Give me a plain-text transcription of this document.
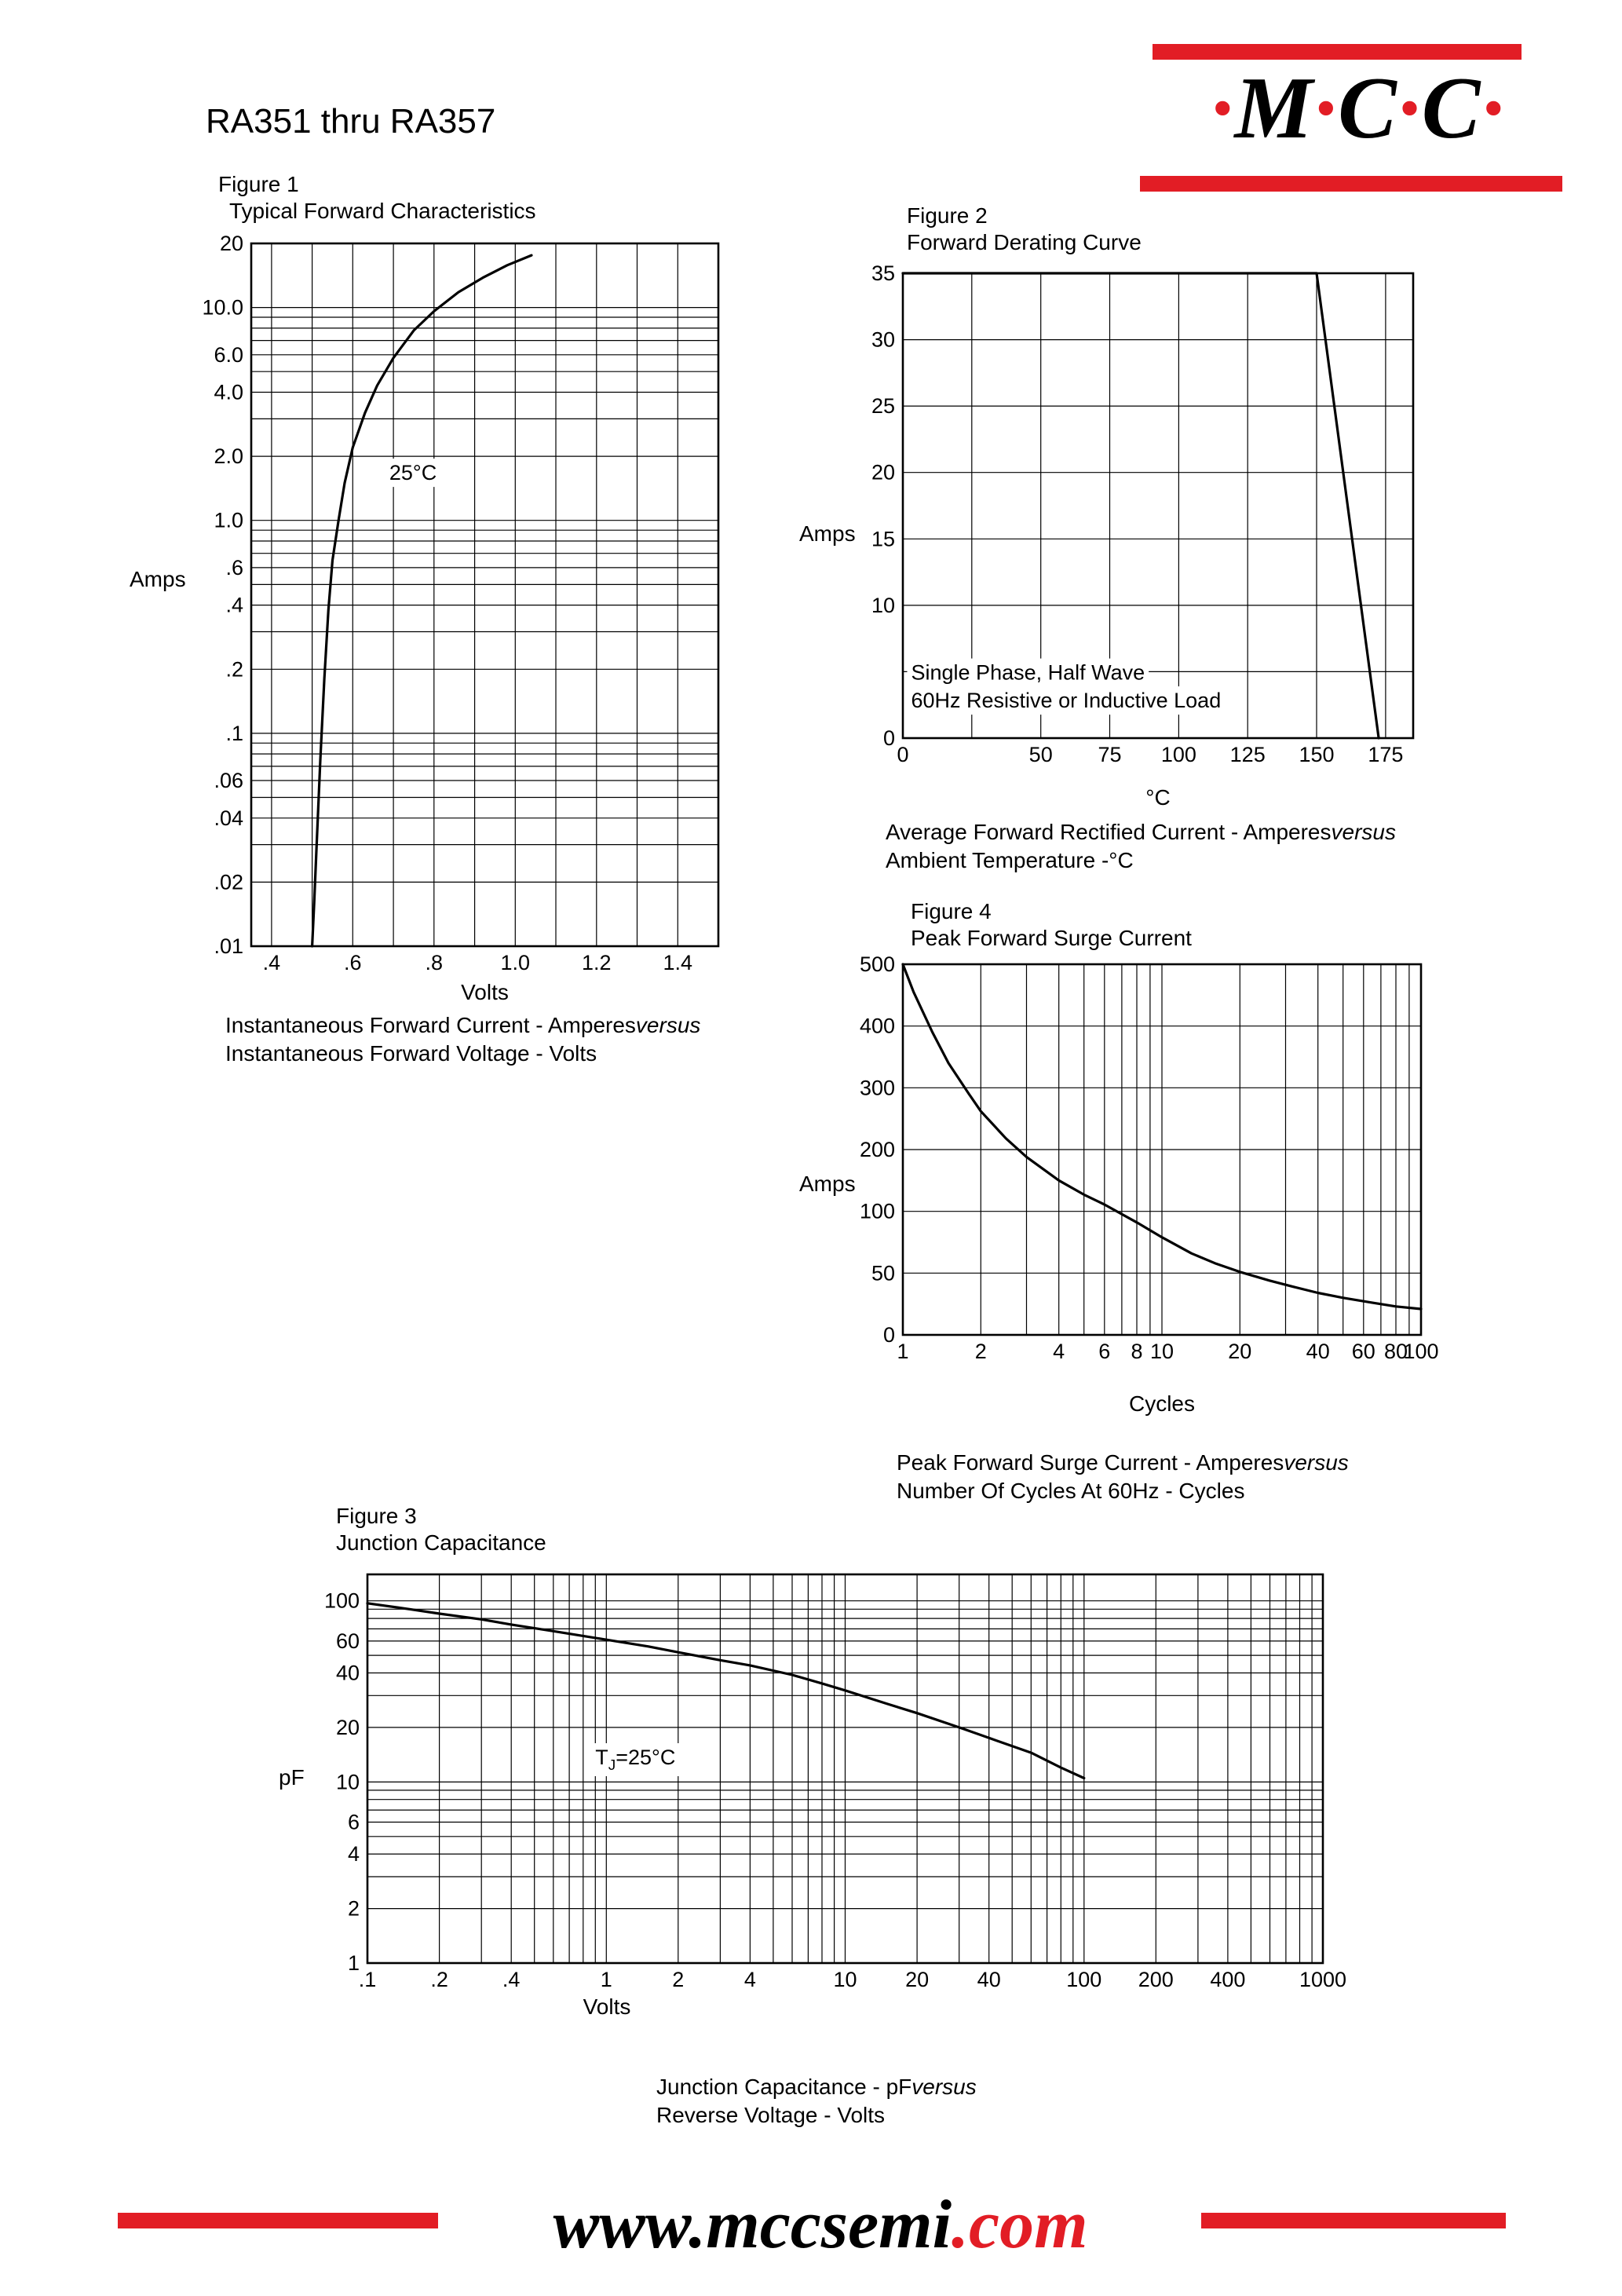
RA351 thru RA357	·M·C·C·
Figure 1
Typical Forward Characteristics
Amps
.4	.6	.8	1.0 1.2 1.4
20
10.0
6.0
4.0
2.0
1.0
.6
.4
.2
.1
.06
.04
.02
.01
25°C
Volts
Instantaneous Forward Current - Amperesversus
Instantaneous Forward Voltage - Volts
Figure 2
Forward Derating Curve
Amps
0	50 75 100 125 150 175
35
30
25
20
15
10
0
Single Phase, Half Wave
60Hz Resistive or Inductive Load
°C
Average Forward Rectified Current - Amperesversus
Ambient Temperature -°C
Figure 4
Peak Forward Surge Current
Amps
1	2	4 6 8 10	20	40 60 80
100
500
400
300
200
100
50
0
Cycles
Peak Forward Surge Current - Amperesversus
Number Of Cycles At 60Hz - Cycles
Figure 3
Junction Capacitance
pF
.1	.2	.4	1	2	4	10 20 40	100 200 400	1000
100
60
40
20
10
6
4
2
1
$T_J=25^\circ C$
Volts
Junction Capacitance - pFversus
Reverse Voltage - Volts
www.mccsemi.com
